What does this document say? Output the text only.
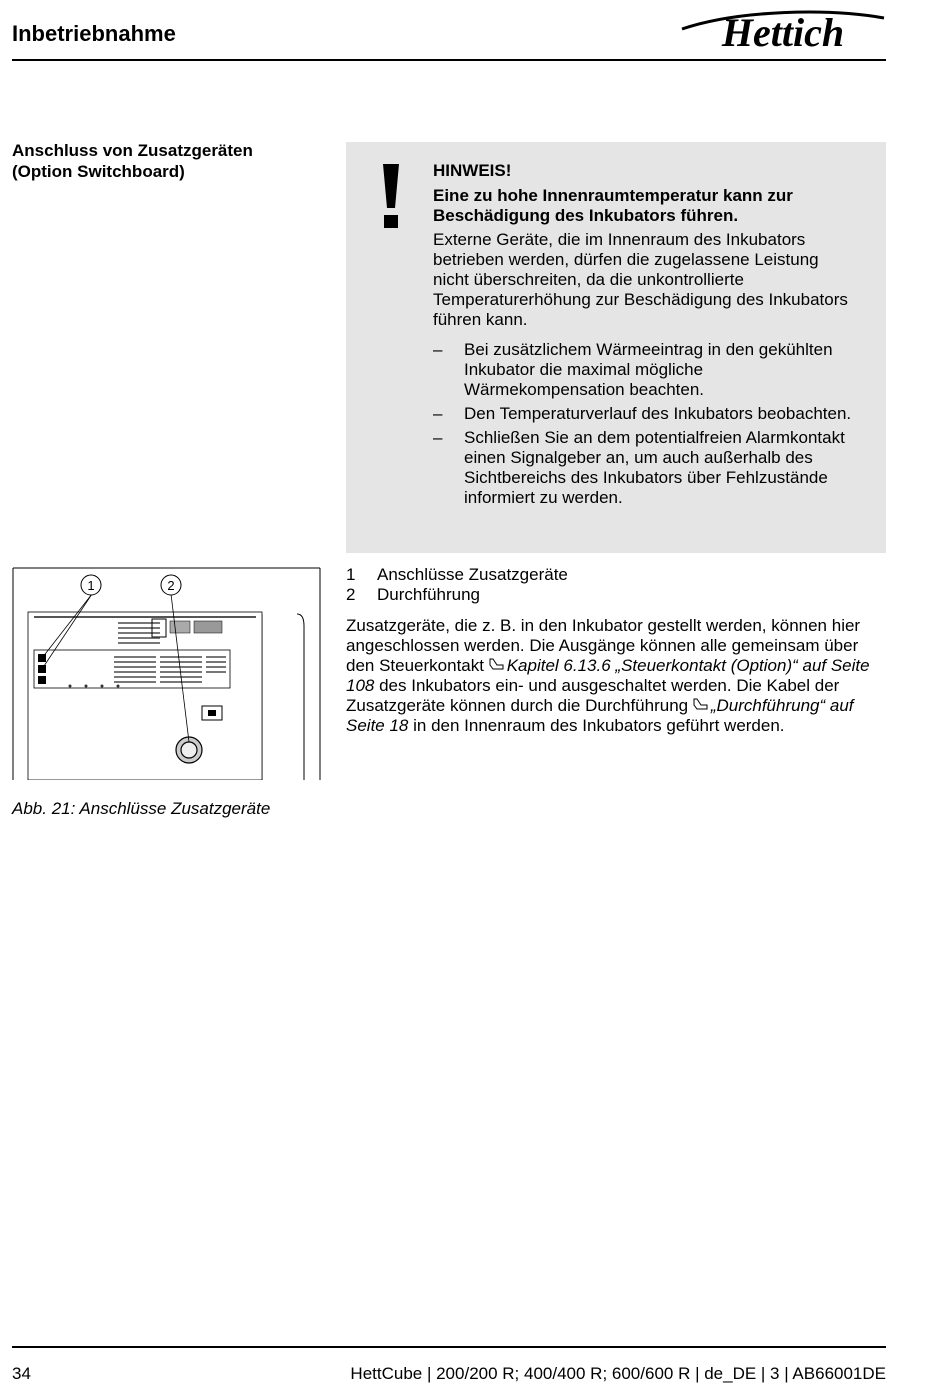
Inbetriebnahme	Hettich
Anschluss von Zusatzgeräten
(Option Switchboard)	HINWEIS!

Eine zu hohe Innenraumtemperatur kann zur Beschädigung des Inkubators führen.

Externe Geräte, die im Innenraum des Inkubators betrieben werden, dürfen die zugelassene Leistung nicht überschreiten, da die unkontrollierte Temperaturerhöhung zur Beschädigung des Inkubators führen kann.

– Bei zusätzlichem Wärmeeintrag in den gekühlten Inkubator die maximal mögliche Wärmekompensation beachten.
– Den Temperaturverlauf des Inkubators beobachten.
– Schließen Sie an dem potentialfreien Alarmkontakt einen Signalgeber an, um auch außerhalb des Sichtbereichs des Inkubators über Fehlzustände informiert zu werden.
1	2
Abb. 21: Anschlüsse Zusatzgeräte
1	Anschlüsse Zusatzgeräte
2	Durchführung

Zusatzgeräte, die z. B. in den Inkubator gestellt werden, können hier angeschlossen werden. Die Ausgänge können alle gemeinsam über den Steuerkontakt Kapitel 6.13.6 „Steuerkontakt (Option)“ auf Seite 108 des Inkubators ein- und ausgeschaltet werden. Die Kabel der Zusatzgeräte können durch die Durchführung „Durchführung“ auf Seite 18 in den Innenraum des Inkubators geführt werden.

34	HettCube | 200/200 R; 400/400 R; 600/600 R | de_DE | 3 | AB66001DE
